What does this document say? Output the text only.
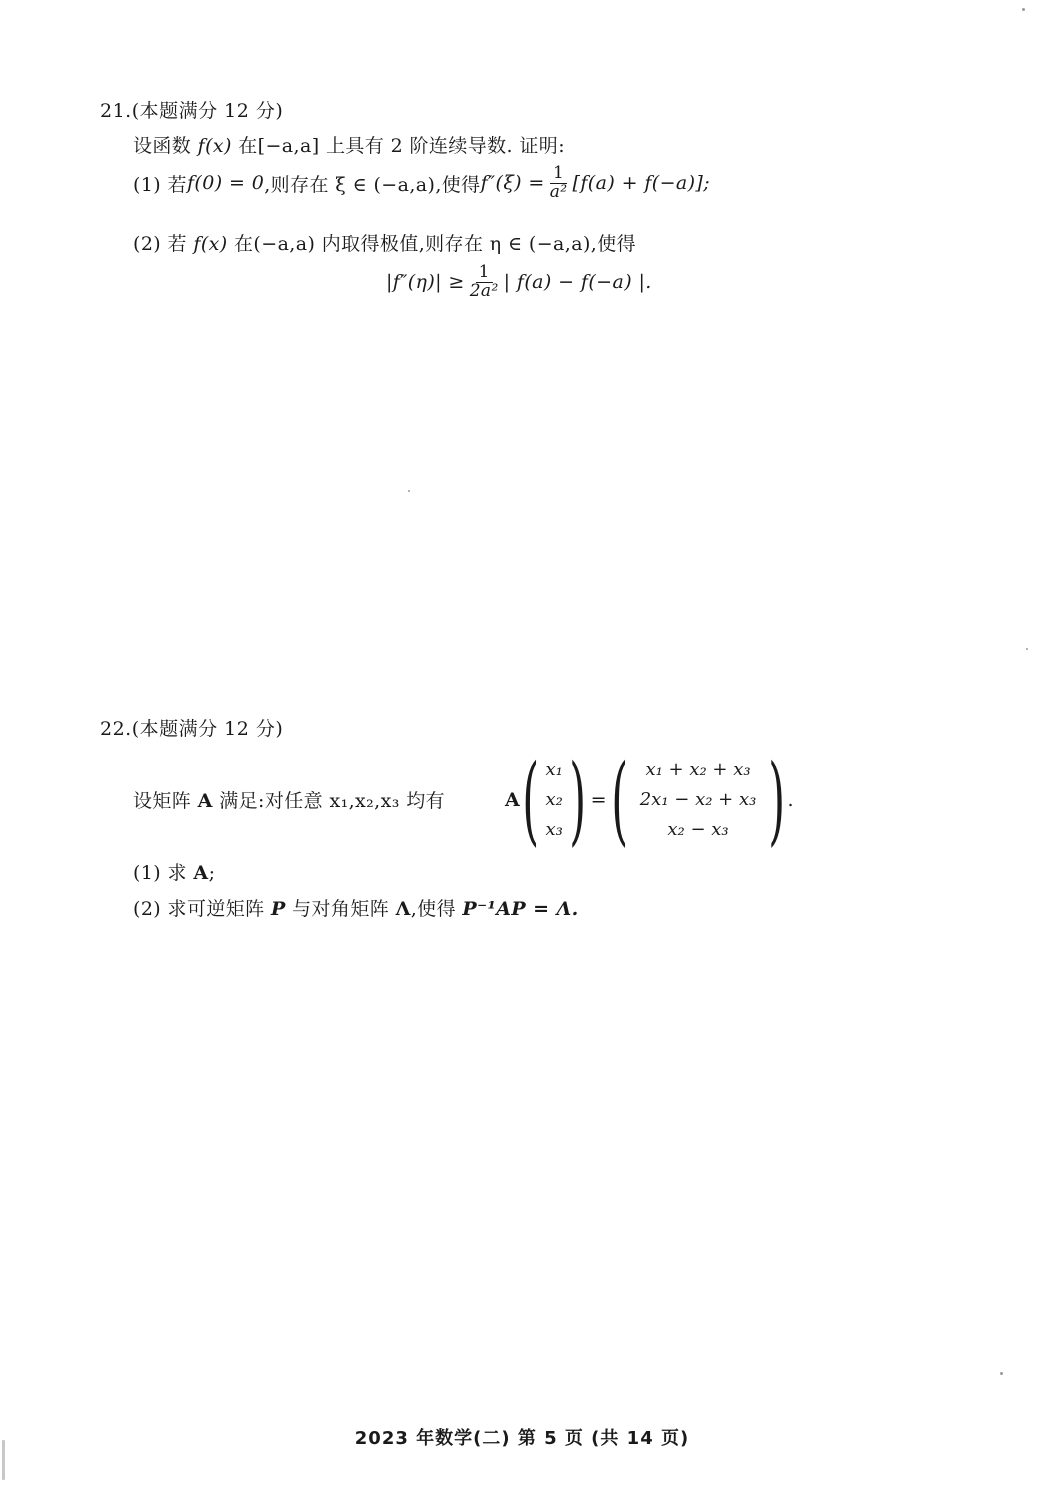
21.(本题满分 12 分)
设函数 f(x) 在[−a,a] 上具有 2 阶连续导数. 证明:
(1) 若 f(0) = 0 ,则存在 ξ ∈ (−a,a),使得 $f''(\xi) = \frac{1}{\text{a²}} [f(a) + f(-a)]$;
(2) 若 f(x) 在(−a,a) 内取得极值,则存在 η ∈ (−a,a),使得
$|f''(\eta)| \ge \frac{1}{\text{2a²}}$ | f(a) − f(−a) |.
22.(本题满分 12 分)
设矩阵 A 满足:对任意 x₁,x₂,x₃ 均有	A ( x₁
x₂
x₃ ) = ( x₁ + x₂ + x₃
2x₁ − x₂ + x₃
x₂ − x₃ ) .
(1) 求 A;
(2) 求可逆矩阵 P 与对角矩阵 Λ,使得 P⁻¹AP = Λ.
2023 年数学(二) 第 5 页 (共 14 页)
